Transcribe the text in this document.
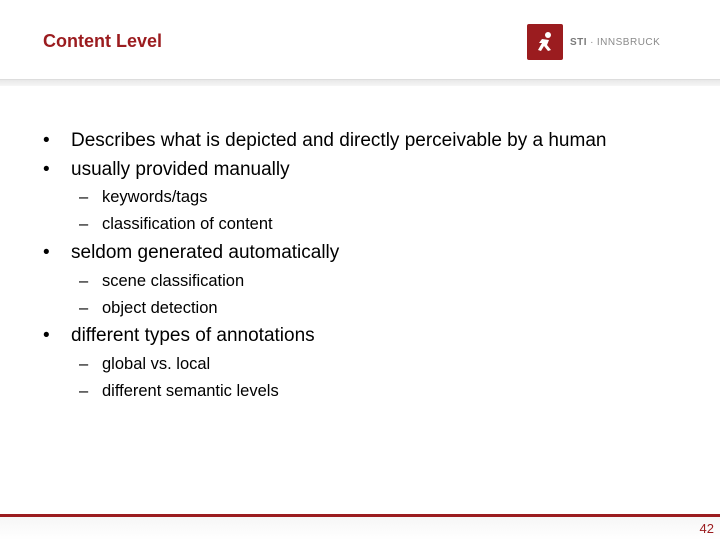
Content Level	STI · INNSBRUCK
• Describes what is depicted and directly perceivable by a human
• usually provided manually
– keywords/tags
– classification of content
• seldom generated automatically
– scene classification
– object detection
• different types of annotations
– global vs. local
– different semantic levels
42
